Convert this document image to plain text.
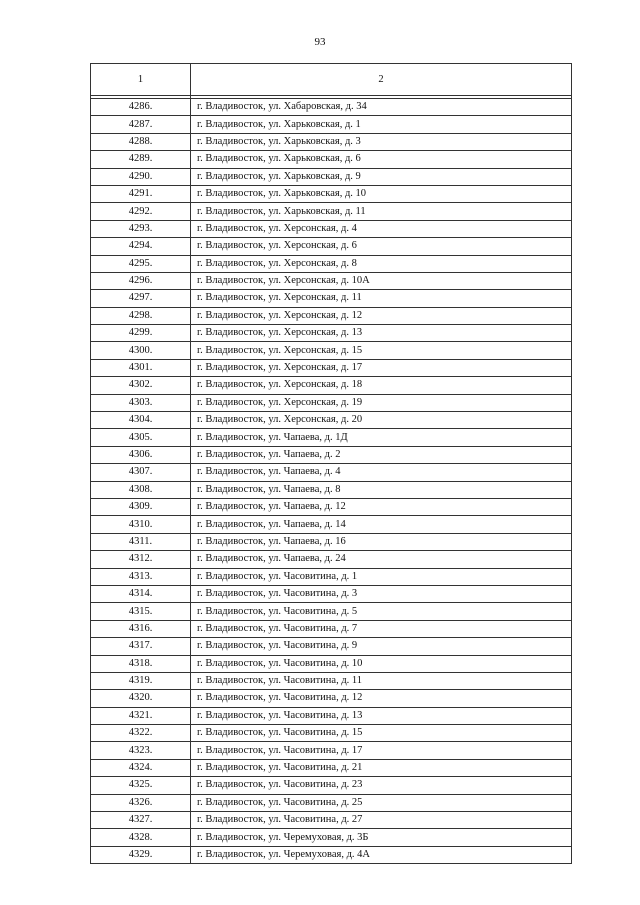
93
1	2

4286.	г. Владивосток, ул. Хабаровская, д. 34
4287.	г. Владивосток, ул. Харьковская, д. 1
4288.	г. Владивосток, ул. Харьковская, д. 3
4289.	г. Владивосток, ул. Харьковская, д. 6
4290.	г. Владивосток, ул. Харьковская, д. 9
4291.	г. Владивосток, ул. Харьковская, д. 10
4292.	г. Владивосток, ул. Харьковская, д. 11
4293.	г. Владивосток, ул. Херсонская, д. 4
4294.	г. Владивосток, ул. Херсонская, д. 6
4295.	г. Владивосток, ул. Херсонская, д. 8
4296.	г. Владивосток, ул. Херсонская, д. 10А
4297.	г. Владивосток, ул. Херсонская, д. 11
4298.	г. Владивосток, ул. Херсонская, д. 12
4299.	г. Владивосток, ул. Херсонская, д. 13
4300.	г. Владивосток, ул. Херсонская, д. 15
4301.	г. Владивосток, ул. Херсонская, д. 17
4302.	г. Владивосток, ул. Херсонская, д. 18
4303.	г. Владивосток, ул. Херсонская, д. 19
4304.	г. Владивосток, ул. Херсонская, д. 20
4305.	г. Владивосток, ул. Чапаева, д. 1Д
4306.	г. Владивосток, ул. Чапаева, д. 2
4307.	г. Владивосток, ул. Чапаева, д. 4
4308.	г. Владивосток, ул. Чапаева, д. 8
4309.	г. Владивосток, ул. Чапаева, д. 12
4310.	г. Владивосток, ул. Чапаева, д. 14
4311.	г. Владивосток, ул. Чапаева, д. 16
4312.	г. Владивосток, ул. Чапаева, д. 24
4313.	г. Владивосток, ул. Часовитина, д. 1
4314.	г. Владивосток, ул. Часовитина, д. 3
4315.	г. Владивосток, ул. Часовитина, д. 5
4316.	г. Владивосток, ул. Часовитина, д. 7
4317.	г. Владивосток, ул. Часовитина, д. 9
4318.	г. Владивосток, ул. Часовитина, д. 10
4319.	г. Владивосток, ул. Часовитина, д. 11
4320.	г. Владивосток, ул. Часовитина, д. 12
4321.	г. Владивосток, ул. Часовитина, д. 13
4322.	г. Владивосток, ул. Часовитина, д. 15
4323.	г. Владивосток, ул. Часовитина, д. 17
4324.	г. Владивосток, ул. Часовитина, д. 21
4325.	г. Владивосток, ул. Часовитина, д. 23
4326.	г. Владивосток, ул. Часовитина, д. 25
4327.	г. Владивосток, ул. Часовитина, д. 27
4328.	г. Владивосток, ул. Черемуховая, д. 3Б
4329.	г. Владивосток, ул. Черемуховая, д. 4А
